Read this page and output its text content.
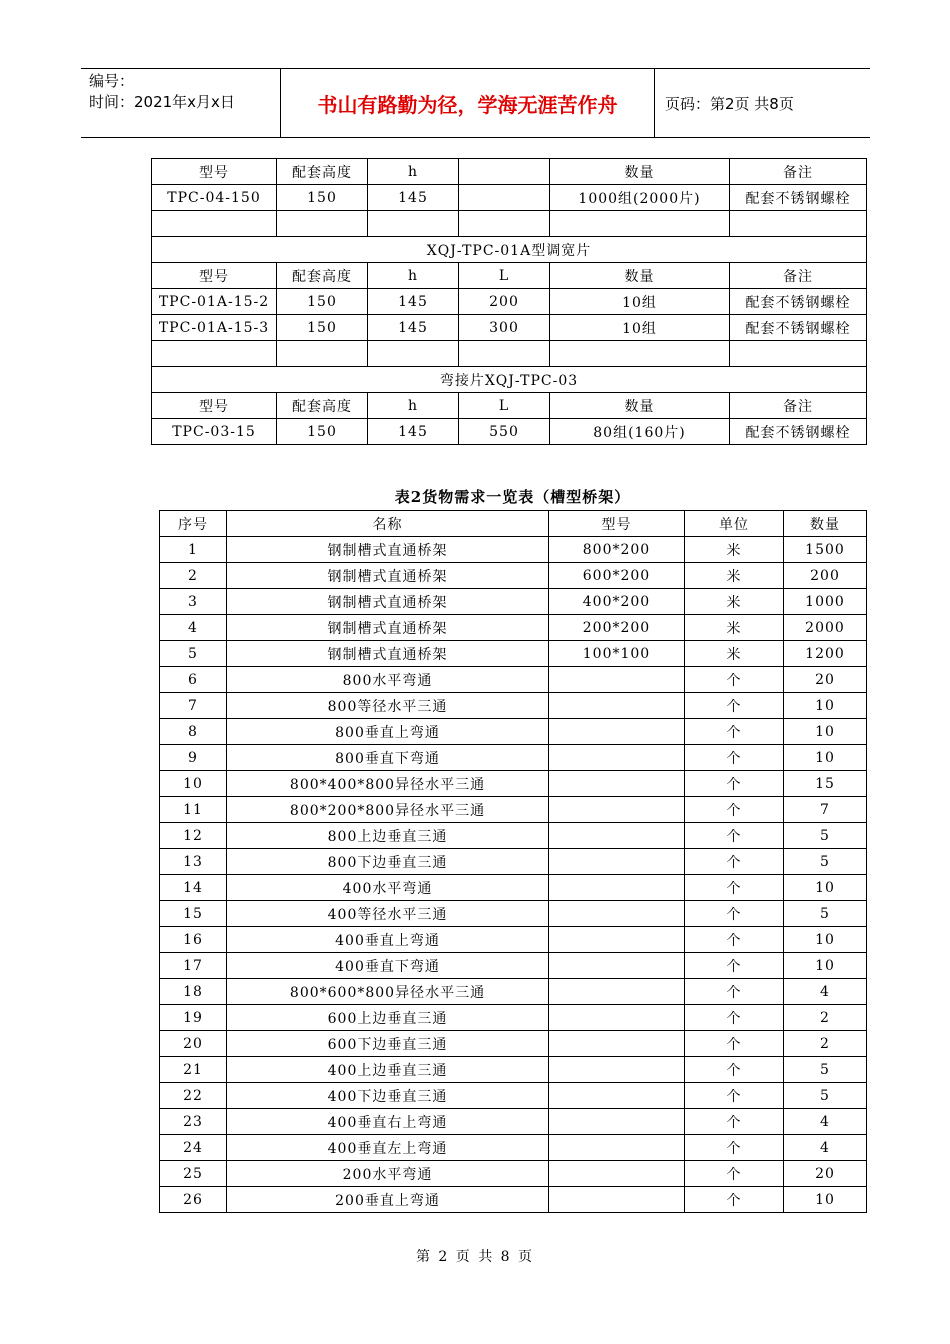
编号：
时间：2021年x月x日	书山有路勤为径，学海无涯苦作舟	页码：第2页 共8页
型号	配套高度	h		数量	备注
TPC-04-150	150	145		1000组(2000片)	配套不锈钢螺栓

XQJ-TPC-01A型调宽片					
型号	配套高度	h	L	数量	备注
TPC-01A-15-2	150	145	200	10组	配套不锈钢螺栓
TPC-01A-15-3	150	145	300	10组	配套不锈钢螺栓

弯接片XQJ-TPC-03					
型号	配套高度	h	L	数量	备注
TPC-03-15	150	145	550	80组(160片)	配套不锈钢螺栓
表2货物需求一览表（槽型桥架）
序号	名称	型号	单位	数量
1	钢制槽式直通桥架	800*200	米	1500
2	钢制槽式直通桥架	600*200	米	200
3	钢制槽式直通桥架	400*200	米	1000
4	钢制槽式直通桥架	200*200	米	2000
5	钢制槽式直通桥架	100*100	米	1200
6	800水平弯通		个	20
7	800等径水平三通		个	10
8	800垂直上弯通		个	10
9	800垂直下弯通		个	10
10	800*400*800异径水平三通		个	15
11	800*200*800异径水平三通		个	7
12	800上边垂直三通		个	5
13	800下边垂直三通		个	5
14	400水平弯通		个	10
15	400等径水平三通		个	5
16	400垂直上弯通		个	10
17	400垂直下弯通		个	10
18	800*600*800异径水平三通		个	4
19	600上边垂直三通		个	2
20	600下边垂直三通		个	2
21	400上边垂直三通		个	5
22	400下边垂直三通		个	5
23	400垂直右上弯通		个	4
24	400垂直左上弯通		个	4
25	200水平弯通		个	20
26	200垂直上弯通		个	10
第 2 页 共 8 页
